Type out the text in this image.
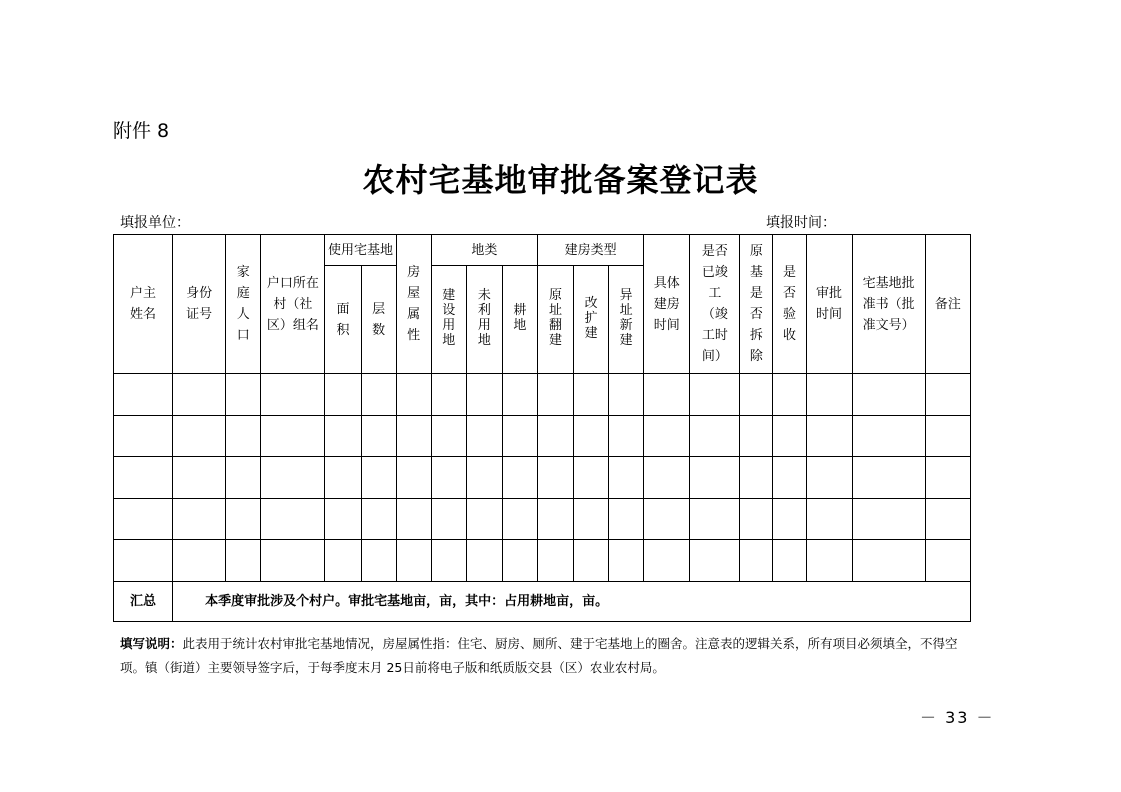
附件 8
农村宅基地审批备案登记表
填报单位：	填报时间：
户主姓名	身份证号	家庭人口	户口所在村（社区）组名	使用宅基地		房屋属性	地类			建房类型			具体建房时间	是否已竣工（竣工时间）	原基是否拆除	是否验收	审批时间	宅基地批准书（批准文号）	备注
				面积	层数		建设用地	未利用地	耕地	原址翻建	改扩建	异址新建							

汇总	本季度审批涉及个村户。审批宅基地亩，亩，其中：占用耕地亩，亩。																		
填写说明：此表用于统计农村审批宅基地情况，房屋属性指：住宅、厨房、厕所、建于宅基地上的圈舍。注意表的逻辑关系，所有项目必须填全，不得空项。镇（街道）主要领导签字后，于每季度末月 25日前将电子版和纸质版交县（区）农业农村局。
－ 33 －
